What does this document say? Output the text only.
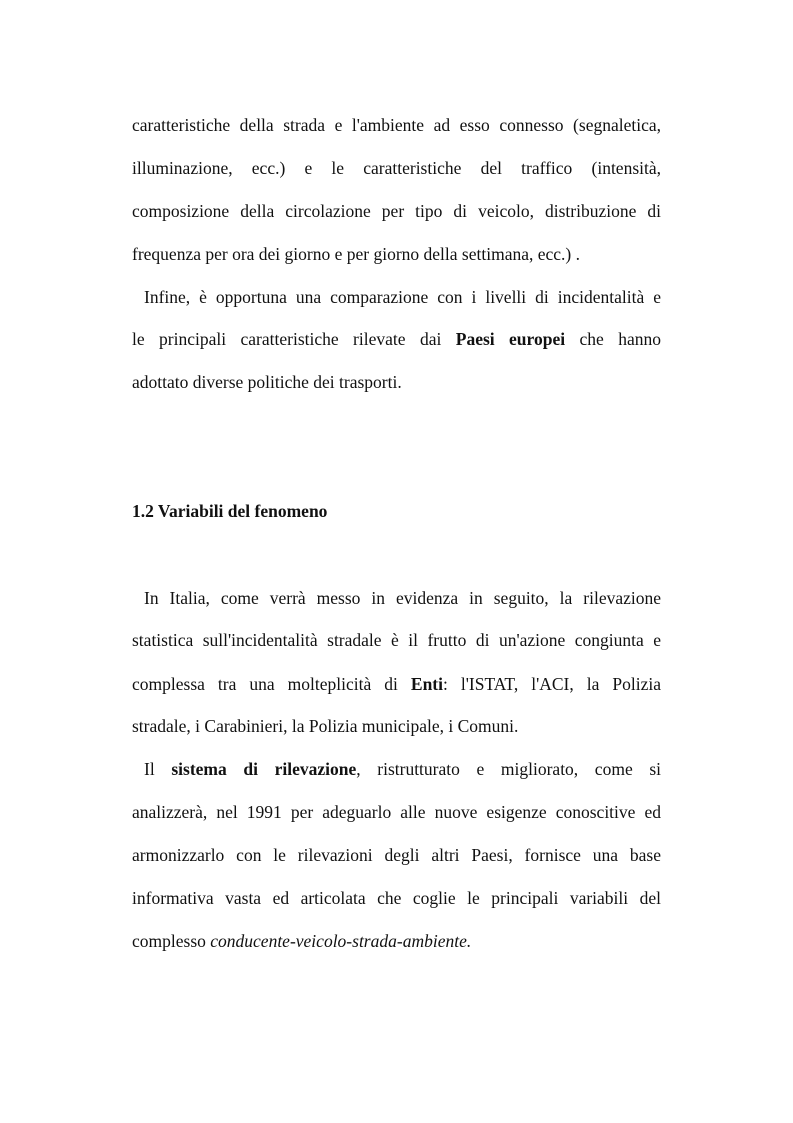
caratteristiche della strada e l'ambiente ad esso connesso (segnaletica,
illuminazione, ecc.) e le caratteristiche del traffico (intensità,
composizione della circolazione per tipo di veicolo, distribuzione di
frequenza per ora dei giorno e per giorno della settimana, ecc.) .
Infine, è opportuna una comparazione con i livelli di incidentalità e
le principali caratteristiche rilevate dai Paesi europei che hanno
adottato diverse politiche dei trasporti.
1.2 Variabili del fenomeno
In Italia, come verrà messo in evidenza in seguito, la rilevazione
statistica sull'incidentalità stradale è il frutto di un'azione congiunta e
complessa tra una molteplicità di Enti: l'ISTAT, l'ACI, la Polizia
stradale, i Carabinieri, la Polizia municipale, i Comuni.
Il sistema di rilevazione, ristrutturato e migliorato, come si
analizzerà, nel 1991 per adeguarlo alle nuove esigenze conoscitive ed
armonizzarlo con le rilevazioni degli altri Paesi, fornisce una base
informativa vasta ed articolata che coglie le principali variabili del
complesso conducente-veicolo-strada-ambiente.
